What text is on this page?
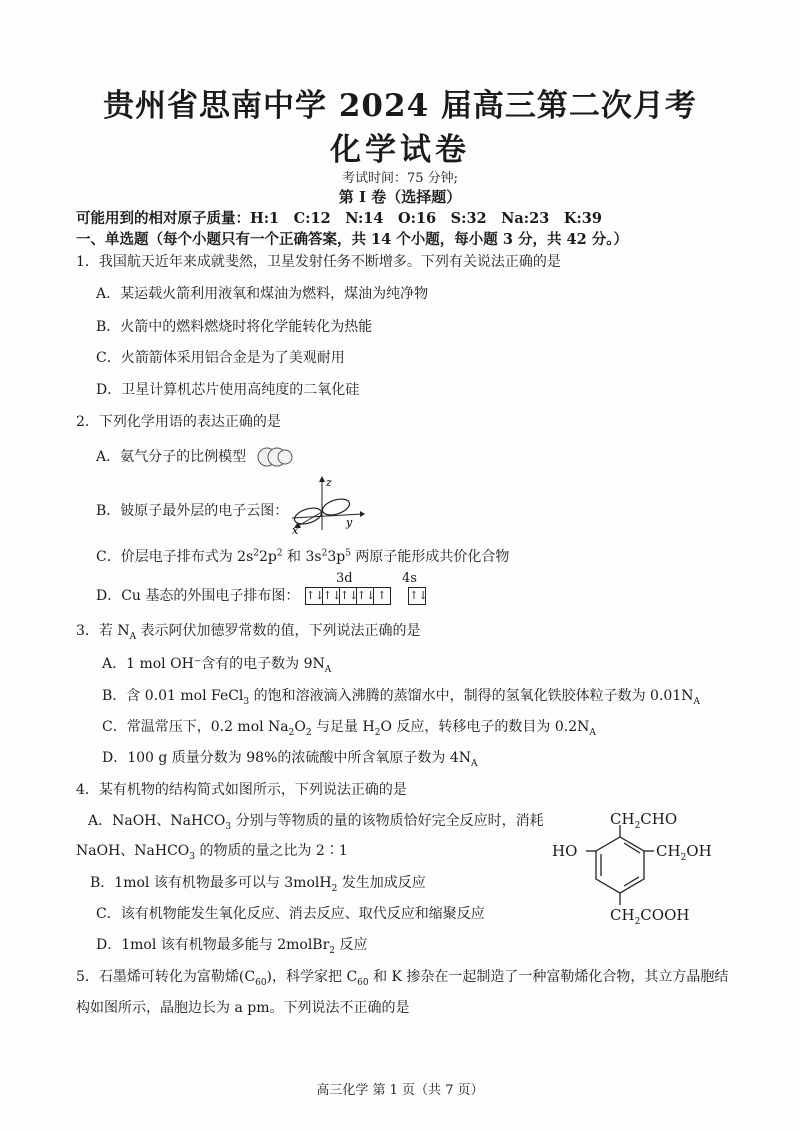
贵州省思南中学 2024 届高三第二次月考
化学试卷
考试时间：75 分钟;
第 I 卷（选择题）
可能用到的相对原子质量：H:1　C:12　N:14　O:16　S:32　Na:23　K:39
一、单选题（每个小题只有一个正确答案，共 14 个小题，每小题 3 分，共 42 分。）
1．我国航天近年来成就斐然，卫星发射任务不断增多。下列有关说法正确的是
A．某运载火箭利用液氧和煤油为燃料，煤油为纯净物
B．火箭中的燃料燃烧时将化学能转化为热能
C．火箭箭体采用铝合金是为了美观耐用
D．卫星计算机芯片使用高纯度的二氧化硅
2．下列化学用语的表达正确的是
A．氨气分子的比例模型
B．铍原子最外层的电子云图：
z
x
y
C．价层电子排布式为 $2s^22p^2$ 和 $3s^23p^5$ 两原子能形成共价化合物
3d	4s
D．Cu 基态的外围电子排布图： ↑↓↑↓↑↓↑↓ ↑ ↑↓
3．若 $N_A$ 表示阿伏加德罗常数的值，下列说法正确的是
A．1 mol OH⁻含有的电子数为 $9N_A$
B．含 0.01 mol FeCl$_3$ 的饱和溶液滴入沸腾的蒸馏水中，制得的氢氧化铁胶体粒子数为 $0.01N_A$
C．常温常压下，0.2 mol $Na_2O_2$ 与足量 $H_2O$ 反应，转移电子的数目为 $0.2N_A$
D．100 g 质量分数为 98%的浓硫酸中所含氧原子数为 $4N_A$
4．某有机物的结构简式如图所示，下列说法正确的是
A．NaOH、NaHCO$_3$ 分别与等物质的量的该物质恰好完全反应时，消耗
NaOH、NaHCO$_3$ 的物质的量之比为 2∶1
B．1mol 该有机物最多可以与 3molH$_2$ 发生加成反应
C．该有机物能发生氧化反应、消去反应、取代反应和缩聚反应
D．1mol 该有机物最多能与 2molBr$_2$ 反应
$CH_2CHO$
HO	$CH_2OH$
$CH_2COOH$
5．石墨烯可转化为富勒烯$(C_{60})$，科学家把 $C_{60}$ 和 K 掺杂在一起制造了一种富勒烯化合物，其立方晶胞结
构如图所示，晶胞边长为 a pm。下列说法不正确的是
高三化学 第 1 页（共 7 页）
